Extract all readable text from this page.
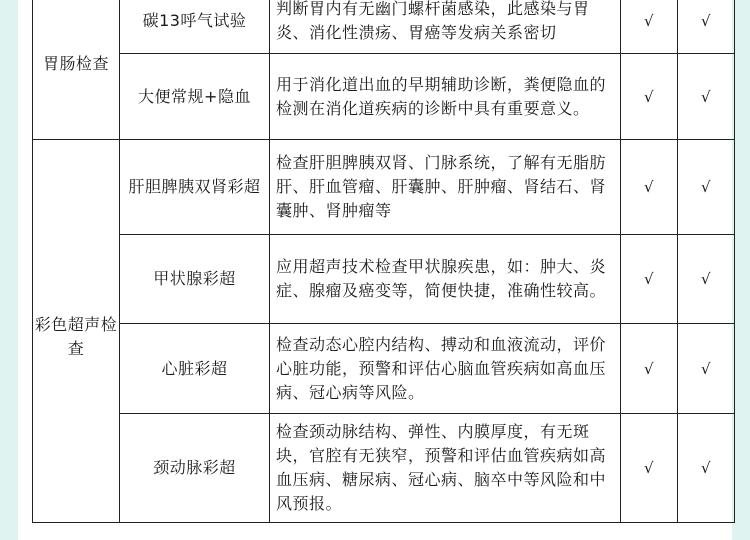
胃肠检查	碳13呼气试验	判断胃内有无幽门螺杆菌感染，此感染与胃炎、消化性溃疡、胃癌等发病关系密切	√	√
	大便常规+隐血	用于消化道出血的早期辅助诊断，粪便隐血的检测在消化道疾病的诊断中具有重要意义。	√	√

彩色超声检查	肝胆脾胰双肾彩超	检查肝胆脾胰双肾、门脉系统，了解有无脂肪肝、肝血管瘤、肝囊肿、肝肿瘤、肾结石、肾囊肿、肾肿瘤等	√	√
	甲状腺彩超	应用超声技术检查甲状腺疾患，如：肿大、炎症、腺瘤及癌变等，简便快捷，准确性较高。	√	√
	心脏彩超	检查动态心腔内结构、搏动和血液流动，评价心脏功能，预警和评估心脑血管疾病如高血压病、冠心病等风险。	√	√
	颈动脉彩超	检查颈动脉结构、弹性、内膜厚度，有无斑块，官腔有无狭窄，预警和评估血管疾病如高血压病、糖尿病、冠心病、脑卒中等风险和中风预报。	√	√
